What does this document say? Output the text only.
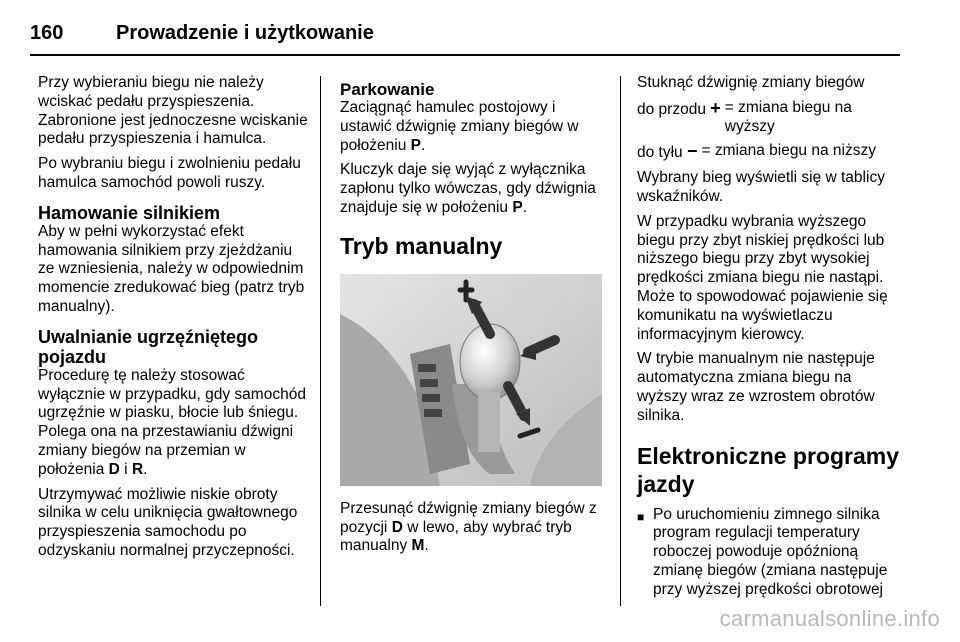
160	Prowadzenie i użytkowanie

Przy wybieraniu biegu nie należy wciskać pedału przyspieszenia. Zabronione jest jednoczesne wciskanie pedału przyspieszenia i hamulca.

Po wybraniu biegu i zwolnieniu pedału hamulca samochód powoli ruszy.

Hamowanie silnikiem

Aby w pełni wykorzystać efekt hamowania silnikiem przy zjeżdżaniu ze wzniesienia, należy w odpowiednim momencie zredukować bieg (patrz tryb manualny).

Uwalnianie ugrzęźniętego pojazdu

Procedurę tę należy stosować wyłącznie w przypadku, gdy samochód ugrzęźnie w piasku, błocie lub śniegu. Polega ona na przestawianiu dźwigni zmiany biegów na przemian w położenia D i R.

Utrzymywać możliwie niskie obroty silnika w celu uniknięcia gwałtownego przyspieszenia samochodu po odzyskaniu normalnej przyczepności.

Parkowanie

Zaciągnąć hamulec postojowy i ustawić dźwignię zmiany biegów w położeniu P.

Kluczyk daje się wyjąć z wyłącznika zapłonu tylko wówczas, gdy dźwignia znajduje się w położeniu P.

Tryb manualny

Przesunąć dźwignię zmiany biegów z pozycji D w lewo, aby wybrać tryb manualny M.

Stuknąć dźwignię zmiany biegów

do przodu + = zmiana biegu na wyższy
do tyłu − = zmiana biegu na niższy

Wybrany bieg wyświetli się w tablicy wskaźników.

W przypadku wybrania wyższego biegu przy zbyt niskiej prędkości lub niższego biegu przy zbyt wysokiej prędkości zmiana biegu nie nastąpi. Może to spowodować pojawienie się komunikatu na wyświetlaczu informacyjnym kierowcy.

W trybie manualnym nie następuje automatyczna zmiana biegu na wyższy wraz ze wzrostem obrotów silnika.

Elektroniczne programy jazdy
■ Po uruchomieniu zimnego silnika program regulacji temperatury roboczej powoduje opóźnioną zmianę biegów (zmiana następuje przy wyższej prędkości obrotowej
carmanualsonline.info
